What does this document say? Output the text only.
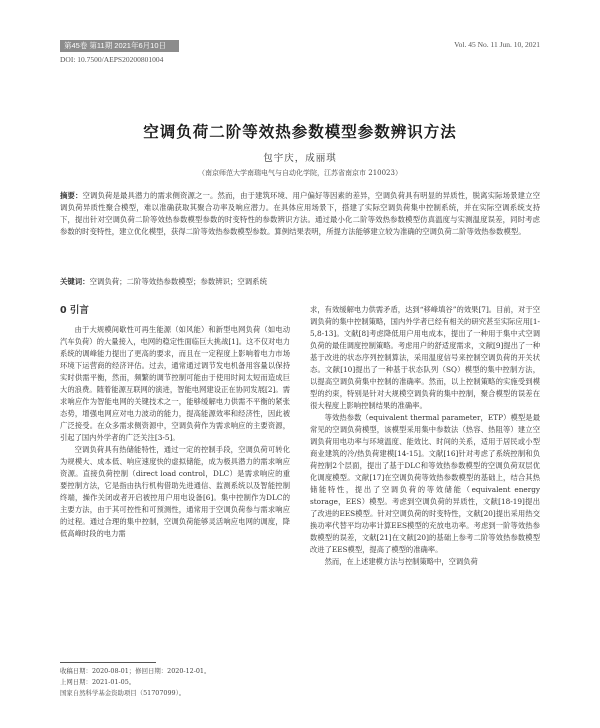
第45卷 第11期 2021年6月10日	Vol. 45 No. 11 Jun. 10, 2021
DOI: 10.7500/AEPS20200801004
空调负荷二阶等效热参数模型参数辨识方法
包宇庆，成丽琪
（南京师范大学南瑞电气与自动化学院，江苏省南京市 210023）
摘要：空调负荷是最具潜力的需求侧资源之一。然而，由于建筑环境、用户偏好等因素的差异，空调负荷具有明显的异质性，脱离实际场景建立空调负荷异质性聚合模型，难以准确获取其聚合功率及响应潜力。在具体应用场景下，搭建了实际空调负荷集中控制系统，并在实际空调系统支持下，提出针对空调负荷二阶等效热参数模型参数的时变特性的参数辨识方法。通过最小化二阶等效热参数模型仿真温度与实测温度误差，同时考虑参数的时变特性，建立优化模型，获得二阶等效热参数模型参数。算例结果表明，所提方法能够建立较为准确的空调负荷二阶等效热参数模型。
关键词：空调负荷；二阶等效热参数模型；参数辨识；空调系统
0 引言

由于大规模间歇性可再生能源（如风能）和新型电网负荷（如电动汽车负荷）的大量接入，电网的稳定性面临巨大挑战[1]。这不仅对电力系统的调峰能力提出了更高的要求，而且在一定程度上影响着电力市场环境下运营商的经济评估。过去，通常通过调节发电机备用容量以保持实时供需平衡，然而，频繁的调节控制可能由于使用时间太短而造成巨大的浪费。随着能源互联网的演进，智能电网建设正在协同发展[2]。需求响应作为智能电网的关键技术之一，能够缓解电力供需不平衡的紧张态势，增强电网应对电力波动的能力，提高能源效率和经济性，因此被广泛接受。在众多需求侧资源中，空调负荷作为需求响应的主要资源，引起了国内外学者的广泛关注[3-5]。

空调负荷具有热储能特性，通过一定的控制手段，空调负荷可转化为规模大、成本低、响应速度快的虚拟储能，成为极具潜力的需求响应资源。直接负荷控制（direct load control，DLC）是需求响应的重要控制方法，它是指由执行机构借助先进通信、监测系统以及智能控制终端，操作关闭或者开启被控用户用电设备[6]。集中控制作为DLC的主要方法，由于其可控性和可预测性，通常用于空调负荷参与需求响应的过程。通过合理的集中控制，空调负荷能够灵活响应电网的调度，降低高峰时段的电力需

求，有效缓解电力供需矛盾，达到“移峰填谷”的效果[7]。目前，对于空调负荷的集中控制策略，国内外学者已经有相关的研究甚至实际应用[1-5,8-13]。文献[8]考虑降低用户用电成本，提出了一种用于集中式空调负荷的最佳调度控制策略。考虑用户的舒适度需求，文献[9]提出了一种基于改进的状态序列控制算法，采用温度信号来控制空调负荷的开关状态。文献[10]提出了一种基于状态队列（SQ）模型的集中控制方法，以提高空调负荷集中控制的准确率。然而，以上控制策略的实施受到模型的约束，特别是针对大规模空调负荷的集中控制，聚合模型的误差在很大程度上影响控制结果的准确率。

等效热参数（equivalent thermal parameter，ETP）模型是最常见的空调负荷模型，该模型采用集中参数法（热容、热阻等）建立空调负荷用电功率与环境温度、能效比、时间的关系，适用于居民或小型商业建筑的冷/热负荷建模[14-15]。文献[16]针对考虑了系统控制和负荷控制2个层面，提出了基于DLC和等效热参数模型的空调负荷双层优化调度模型。文献[17]在空调负荷等效热参数模型的基础上，结合其热储能特性，提出了空调负荷的等效储能（equivalent energy storage，EES）模型。考虑到空调负荷的异质性，文献[18-19]提出了改进的EES模型。针对空调负荷的时变特性，文献[20]提出采用热交换功率代替平均功率计算EES模型的充放电功率。考虑到一阶等效热参数模型的误差，文献[21]在文献[20]的基础上参考二阶等效热参数模型改进了EES模型，提高了模型的准确率。

然而，在上述建模方法与控制策略中，空调负荷

收稿日期：2020-08-01；修回日期：2020-12-01。
上网日期：2021-01-05。
国家自然科学基金资助项目（51707099）。
